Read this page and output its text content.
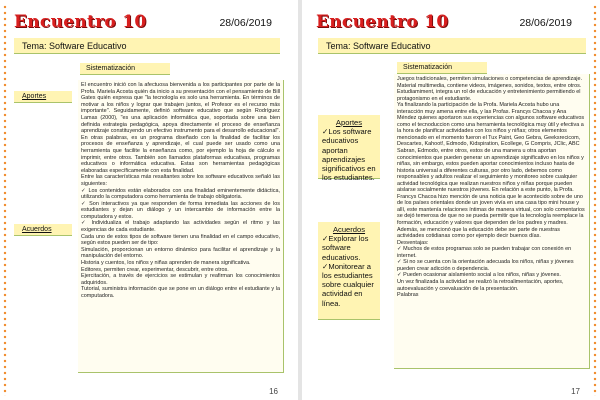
Encuentro 10	28/06/2019
Tema: Software Educativo
Sistematización
Aportes
Acuerdos

El encuentro inició con la afectuosa bienvenida a los participantes por parte de la Profa. Mariela Acosta quién da inicio a su presentación con el pensamiento de Bill Gates quién expresa que "la tecnología es solo una herramienta. En términos de motivar a los niños y lograr que trabajen juntos, el Profesor es el recurso más importante". Seguidamente, definió software educativo que según Rodríguez Lamas (2000), "es una aplicación informática que, soportada sobre una bien definida estrategia pedagógica, apoya directamente el proceso de enseñanza aprendizaje constituyendo un efectivo instrumento para el desarrollo educacional". En otras palabras, es un programa diseñado con la finalidad de facilitar los procesos de enseñanza y aprendizaje, el cual puede ser usado como una herramienta que facilite la enseñanza como, por ejemplo la hoja de cálculo e imprimir, entre otros. También son llamados plataformas educativas, programas educativos o informática educativa. Estas son herramientas pedagógicas elaboradas específicamente con esta finalidad.

Entre las características más resaltantes sobre los software educativos señaló las siguientes:

✓ Los contenidos están elaborados con una finalidad eminentemente didáctica, utilizando la computadora como herramienta de trabajo obligatoria.

✓ Son interactivos ya que responden de forma inmediata las acciones de los estudiantes y dejan un diálogo y un intercambio de información entre la computadora y estos.

✓ Individualiza el trabajo adaptando las actividades según el ritmo y las exigencias de cada estudiante.

Cada uno de estos tipos de software tienen una finalidad en el campo educativo, según estos pueden ser de tipo:

Simulación, proporcionan un entorno dinámico para facilitar el aprendizaje y la manipulación del entorno.

Historia y cuentos, los niños y niñas aprenden de manera significativa.

Editores, permiten crear, experimentar, descubrir, entre otros.

Ejercitación, a través de ejercicios se estimulan y reafirman los conocimientos adquiridos.

Tutorial, suministra información que se pone en un diálogo entre el estudiante y la computadora.

16
Encuentro 10	28/06/2019
Tema: Software Educativo
Sistematización
Aportes
✓Los software educativos aportan aprendizajes significativos en los estudiantes.
Acuerdos
✓Explorar los software educativos.
✓Monitorear a los estudiantes sobre cualquier actividad en línea.

Juegos tradicionales, permiten simulaciones o competencias de aprendizaje.

Material multimedia, contiene videos, imágenes, sonidos, textos, entre otros.

Estudiamiment, integra un rol de educación y entretenimiento permitiendo el protagonismo en el estudiante.

Ya finalizando la participación de la Profa. Mariela Acosta hubo una interacción muy amena entre ella, y las Profas. Francys Chacoa y Ana Méndez quienes aportaron sus experiencias con algunos software educativos como el tecnoduccion como una herramienta tecnológica muy útil y efectiva a la hora de planificar actividades con los niños y niñas; otros elementos mencionado en el momento fueron el Tux Paint, Geo Gebra, Geeksrecicom, Descartes, Kahoot!, Edmodo, Kidspiration, Ecollege, G Compris, JClic, ABC Sabran, Edmodo, entre otros, estos de una manera u otra aportan conocimientos que pueden generar un aprendizaje significativo en los niños y niñas, sin embargo, estos pueden aportar conocimientos incluso hasta de historia universal a diferentes culturas, por otro lado, debemos como responsables y adultos realizar el seguimiento y monitoreo sobre cualquier actividad tecnológica que realizan nuestros niños y niñas porque pueden aislarse socialmente nuestros jóvenes. En relación a este punto, la Profa. Francys Chacoa hizo mención de una noticia que le acontecido sobre de uno de los países orientales donde un joven vivía en una casa tipo mini house y allí, este mantenía relaciones íntimas de manera virtual, con solo comentarios se dejó temerosa de que no se pueda permitir que la tecnología reemplace la formación, educación y valores que dependen de los padres y madres. Además, se mencionó que la educación debe ser parte de nuestras actividades cotidianas como por ejemplo decir buenos días.

Desventajas:

✓ Muchos de estos programas solo se pueden trabajar con conexión en internet.

✓ Si no se cuenta con la orientación adecuada los niños, niñas y jóvenes pueden crear adicción o dependencia.

✓ Pueden ocasionar aislamiento social a los niños, niñas y jóvenes.

Un vez finalizada la actividad se realizó la retroalimentación, aportes, autoevaluación y coevaluación de la presentación.

Palabras

17
